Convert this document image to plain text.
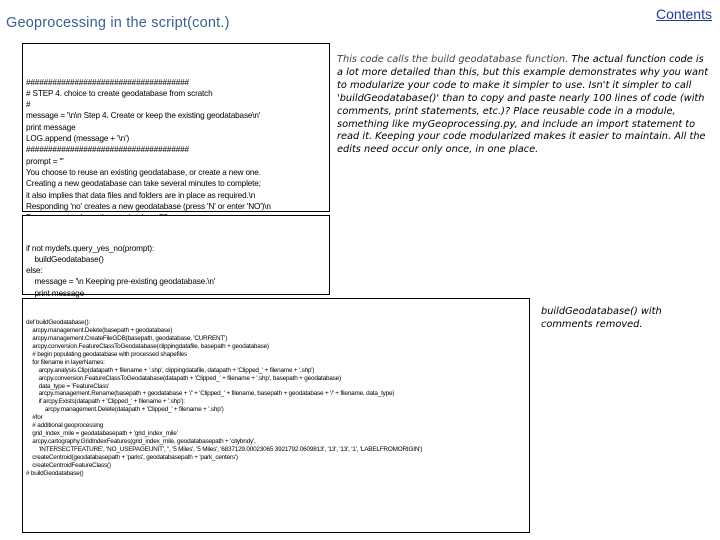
Geoprocessing in the script(cont.)
Contents

#####################################
# STEP 4. choice to create geodatabase from scratch
#
message = '\n\n Step 4. Create or keep the existing geodatabase\n'
print message
LOG.append (message + '\n')
#####################################
prompt = '''
You choose to reuse an existing geodatabase, or create a new one.
Creating a new geodatabase can take several minutes to complete;
it also implies that data files and folders are in place as required.\n
Responding 'no' creates a new geodatabase (press 'N' or enter 'NO')\n

if not mydefs.query_yes_no(prompt):
buildGeodatabase()
else:
message = '\n Keeping pre-existing geodatabase.\n'
print message

def buildGeodatabase():
arcpy.management.Delete(basepath + geodatabase)
arcpy.management.CreateFileGDB(basepath, geodatabase, 'CURRENT')
arcpy.conversion.FeatureClassToGeodatabase(clippingdatafile, basepath + geodatabase)
# begin populating geodatabase with processed shapefiles
for filename in layerNames:
arcpy.analysis.Clip(datapath + filename + '.shp', clippingdatafile, datapath + 'Clipped_' + filename + '.shp')
arcpy.conversion.FeatureClassToGeodatabase(datapath + 'Clipped_' + filename + '.shp', basepath + geodatabase)
data_type = 'FeatureClass'
arcpy.management.Rename(basepath + geodatabase + '/' + 'Clipped_' + filename, basepath + geodatabase + '/' + filename, data_type)
if arcpy.Exists(datapath + 'Clipped_' + filename + '.shp'):
arcpy.management.Delete(datapath + 'Clipped_' + filename + '.shp')
#for
# additional geoprocessing
grid_index_mile = geodatabasepath + 'grid_index_mile'
arcpy.cartography.GridIndexFeatures(grid_index_mile, geodatabasepath + 'citybndy',
'INTERSECTFEATURE', 'NO_USEPAGEUNIT', '', '5 Miles', '5 Miles', '6837129.00023065 3921792.0609813', '13', '13', '1', 'LABELFROMORIGIN')
createCentroid(geodatabasepath + 'parks', geodatabasepath + 'park_centers')
createCentroidFeatureClass()
# buildGeodatabase()

This code calls the build geodatabase function. The actual function code is a lot more detailed than this, but this example demonstrates why you want to modularize your code to make it simpler to use. Isn't it simpler to call 'buildGeodatabase()' than to copy and paste nearly 100 lines of code (with comments, print statements, etc.)? Place reusable code in a module, something like myGeoprocessing.py, and include an import statement to read it. Keeping your code modularized makes it easier to maintain. All the edits need occur only once, in one place.
buildGeodatabase() with comments removed.
